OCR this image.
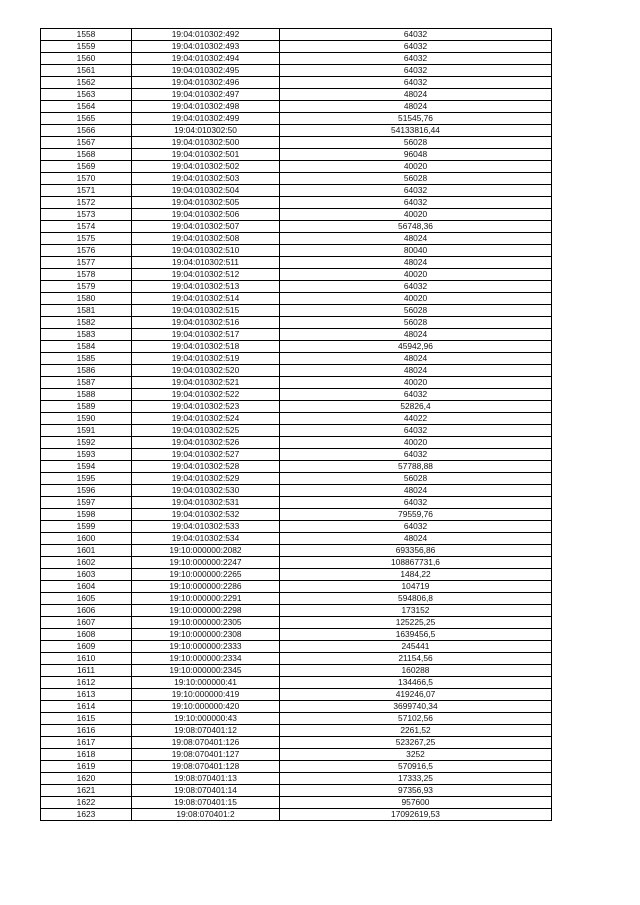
1558	19:04:010302:492	64032
1559	19:04:010302:493	64032
1560	19:04:010302:494	64032
1561	19:04:010302:495	64032
1562	19:04:010302:496	64032
1563	19:04:010302:497	48024
1564	19:04:010302:498	48024
1565	19:04:010302:499	51545,76
1566	19:04:010302:50	54133816,44
1567	19:04:010302:500	56028
1568	19:04:010302:501	96048
1569	19:04:010302:502	40020
1570	19:04:010302:503	56028
1571	19:04:010302:504	64032
1572	19:04:010302:505	64032
1573	19:04:010302:506	40020
1574	19:04:010302:507	56748,36
1575	19:04:010302:508	48024
1576	19:04:010302:510	80040
1577	19:04:010302:511	48024
1578	19:04:010302:512	40020
1579	19:04:010302:513	64032
1580	19:04:010302:514	40020
1581	19:04:010302:515	56028
1582	19:04:010302:516	56028
1583	19:04:010302:517	48024
1584	19:04:010302:518	45942,96
1585	19:04:010302:519	48024
1586	19:04:010302:520	48024
1587	19:04:010302:521	40020
1588	19:04:010302:522	64032
1589	19:04:010302:523	52826,4
1590	19:04:010302:524	44022
1591	19:04:010302:525	64032
1592	19:04:010302:526	40020
1593	19:04:010302:527	64032
1594	19:04:010302:528	57788,88
1595	19:04:010302:529	56028
1596	19:04:010302:530	48024
1597	19:04:010302:531	64032
1598	19:04:010302:532	79559,76
1599	19:04:010302:533	64032
1600	19:04:010302:534	48024
1601	19:10:000000:2082	693356,86
1602	19:10:000000:2247	108867731,6
1603	19:10:000000:2265	1484,22
1604	19:10:000000:2286	104719
1605	19:10:000000:2291	594806,8
1606	19:10:000000:2298	173152
1607	19:10:000000:2305	125225,25
1608	19:10:000000:2308	1639456,5
1609	19:10:000000:2333	245441
1610	19:10:000000:2334	21154,56
1611	19:10:000000:2345	160288
1612	19:10:000000:41	134466,5
1613	19:10:000000:419	419246,07
1614	19:10:000000:420	3699740,34
1615	19:10:000000:43	57102,56
1616	19:08:070401:12	2261,52
1617	19:08:070401:126	523267,25
1618	19:08:070401:127	3252
1619	19:08:070401:128	570916,5
1620	19:08:070401:13	17333,25
1621	19:08:070401:14	97356,93
1622	19:08:070401:15	957600
1623	19:08:070401:2	17092619,53
